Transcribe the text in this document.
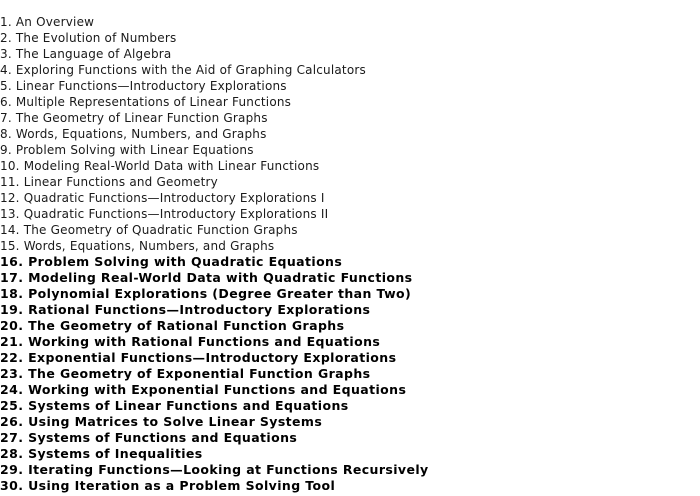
1. An Overview
2. The Evolution of Numbers
3. The Language of Algebra
4. Exploring Functions with the Aid of Graphing Calculators
5. Linear Functions—Introductory Explorations
6. Multiple Representations of Linear Functions
7. The Geometry of Linear Function Graphs
8. Words, Equations, Numbers, and Graphs
9. Problem Solving with Linear Equations
10. Modeling Real-World Data with Linear Functions
11. Linear Functions and Geometry
12. Quadratic Functions—Introductory Explorations I
13. Quadratic Functions—Introductory Explorations II
14. The Geometry of Quadratic Function Graphs
15. Words, Equations, Numbers, and Graphs
16. Problem Solving with Quadratic Equations
17. Modeling Real-World Data with Quadratic Functions
18. Polynomial Explorations (Degree Greater than Two)
19. Rational Functions—Introductory Explorations
20. The Geometry of Rational Function Graphs
21. Working with Rational Functions and Equations
22. Exponential Functions—Introductory Explorations
23. The Geometry of Exponential Function Graphs
24. Working with Exponential Functions and Equations
25. Systems of Linear Functions and Equations
26. Using Matrices to Solve Linear Systems
27. Systems of Functions and Equations
28. Systems of Inequalities
29. Iterating Functions—Looking at Functions Recursively
30. Using Iteration as a Problem Solving Tool
